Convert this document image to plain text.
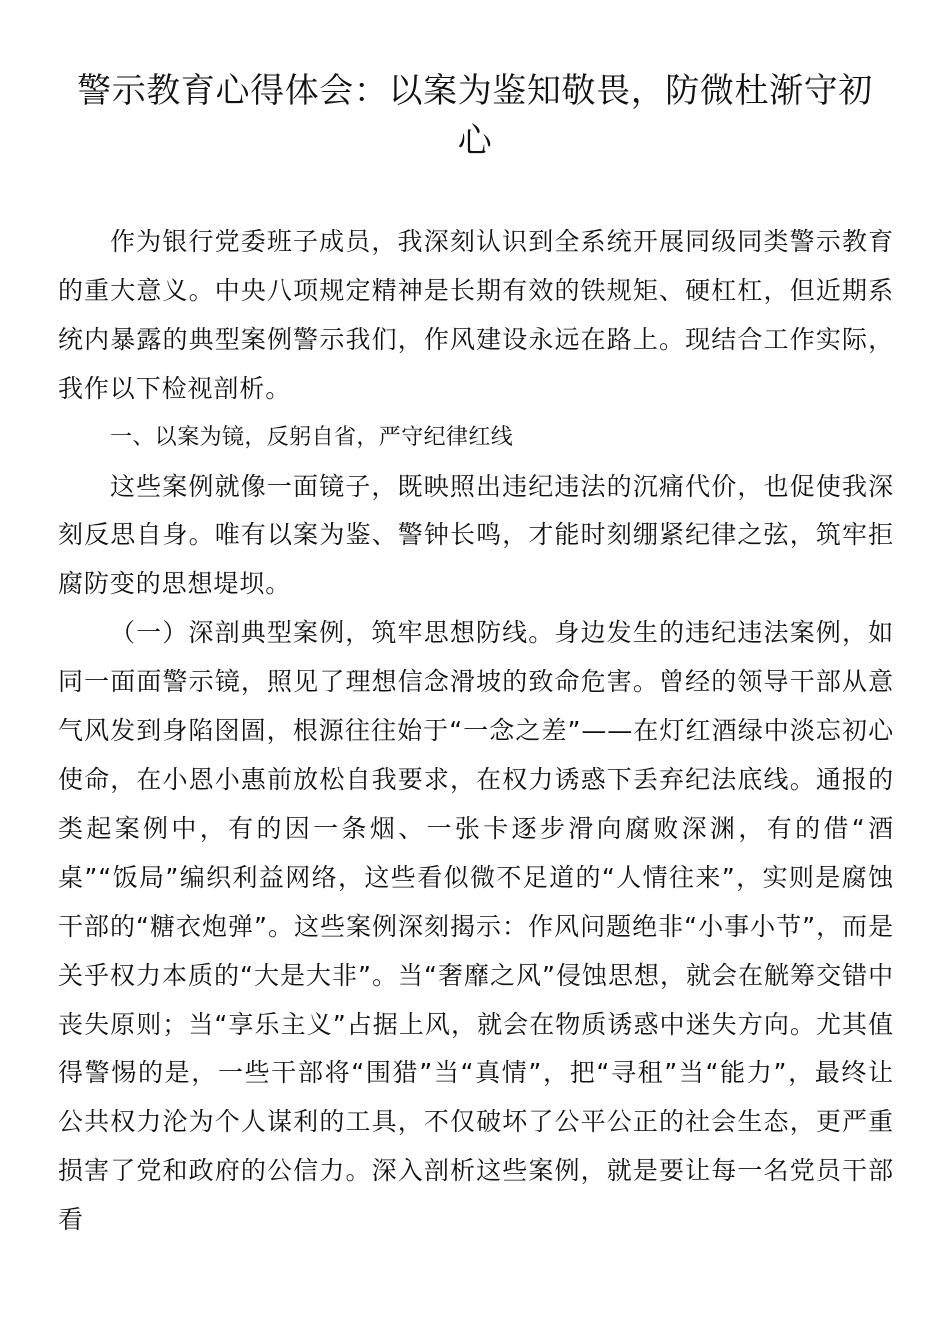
警示教育心得体会：以案为鉴知敬畏，防微杜渐守初心

作为银行党委班子成员，我深刻认识到全系统开展同级同类警示教育的重大意义。中央八项规定精神是长期有效的铁规矩、硬杠杠，但近期系统内暴露的典型案例警示我们，作风建设永远在路上。现结合工作实际，我作以下检视剖析。

一、以案为镜，反躬自省，严守纪律红线

这些案例就像一面镜子，既映照出违纪违法的沉痛代价，也促使我深刻反思自身。唯有以案为鉴、警钟长鸣，才能时刻绷紧纪律之弦，筑牢拒腐防变的思想堤坝。

（一）深剖典型案例，筑牢思想防线。身边发生的违纪违法案例，如同一面面警示镜，照见了理想信念滑坡的致命危害。曾经的领导干部从意气风发到身陷囹圄，根源往往始于“一念之差”——在灯红酒绿中淡忘初心使命，在小恩小惠前放松自我要求，在权力诱惑下丢弃纪法底线。通报的类起案例中，有的因一条烟、一张卡逐步滑向腐败深渊，有的借“酒桌”“饭局”编织利益网络，这些看似微不足道的“人情往来”，实则是腐蚀干部的“糖衣炮弹”。这些案例深刻揭示：作风问题绝非“小事小节”，而是关乎权力本质的“大是大非”。当“奢靡之风”侵蚀思想，就会在觥筹交错中丧失原则；当“享乐主义”占据上风，就会在物质诱惑中迷失方向。尤其值得警惕的是，一些干部将“围猎”当“真情”，把“寻租”当“能力”，最终让公共权力沦为个人谋利的工具，不仅破坏了公平公正的社会生态，更严重损害了党和政府的公信力。深入剖析这些案例，就是要让每一名党员干部看
